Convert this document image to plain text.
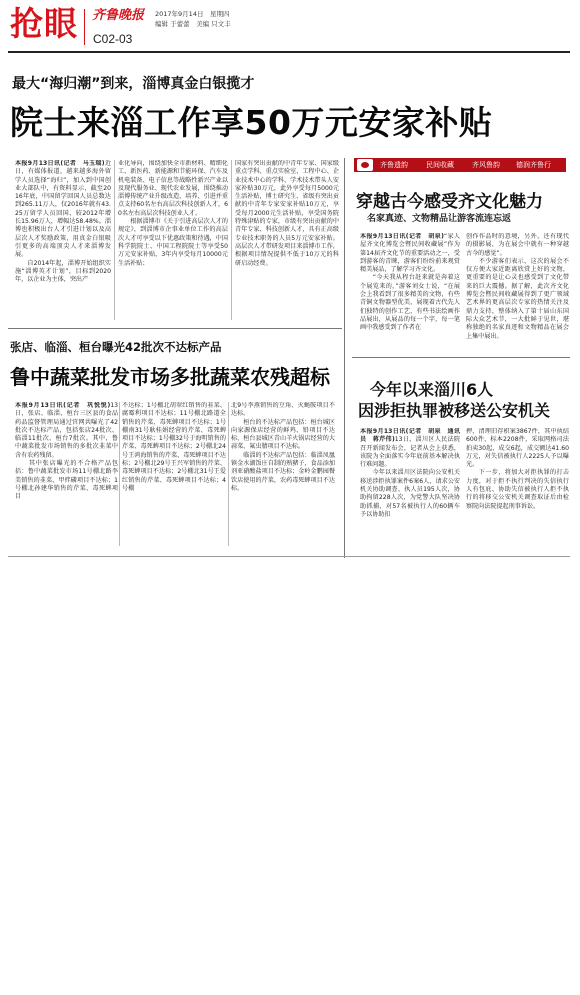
抢眼 齐鲁晚报 2017年9月14日　星期四
编辑 于蕾蕾　美编 只文丰
C02-03
最大“海归潮”到来，淄博真金白银揽才
院士来淄工作享50万元安家补贴
本报9月13日讯(记者　马玉瑞)近日，有媒体报道，越来越多海外留学人员选择“海归”，加入到中国创业大部队中，有资料显示，截至2016年底，中国留学回国人员总数达到265.11万人，仅2016年就有43.25万留学人员回国，较2012年增长15.96万人，增幅达58.48%。淄博也积极出台人才引进计划以及高层次人才奖励政策，用真金白银吸引更多的高端顶尖人才来淄博发展。
　　自2014年起，淄博开始组织实施“淄博英才计划”，目标到2020年，以企业为主体，突出产
业化导向，围绕加快全市新材料、精细化工、新医药、新能源和节能环保、汽车及机电装备、电子信息等战略性新兴产业以及现代服务业、现代农业发展，围绕推动淄博传统产业升级改造，培养、引进并重点支持60名左右高层次科技创新人才，60名左右高层次科技创业人才。
　　根据淄博市《关于引进高层次人才的规定》，到淄博市企事业单位工作的高层次人才可享受以下优惠政策和待遇，中国科学院院士、中国工程院院士等享受50万元安家补贴，3年内享受每月10000元生活补贴；
国家有突出贡献的中青年专家、国家级重点学科、重点实验室、工程中心、企业技术中心的学科、学术技术带头人安家补贴30万元，此外享受每月5000元生活补贴，博士研究生、省级有突出贡献的中青年专家安家补贴10万元，享受每月2000元生活补贴，享受国务院特殊津贴的专家，市级有突出贡献的中青年专家、科技创新人才，具有正高级专业技术职务的人员5万元安家补贴。高层次人才带研发项目来淄博市工作，根据项目情况提供不低于10万元的科研启动经费。
齐鲁遗韵	民间收藏	齐风鲁韵 德润齐鲁行
穿越古今感受齐文化魅力
名家真迹、文物精品让游客流连忘返
本报9月13日讯(记者　胡泉)“家人屋齐文化博览会暨民间收藏展”作为第14届齐文化节的重要活动之一，受到游客的青睐，游客们纷纷前来观赏精美展品，了解学习齐文化。
　　“今天我从程台赶来就是奔着这个展览来的，”游客刘女士说，“在展会上我看到了很多精美的文物，有些青铜文物器型优美，展现着古代先人们独特的创作工艺，有些书法绘画作品展出，从展品的每一个字，每一笔画中我感受到了作者在
创作作品时的意境，另外，还有现代的摄影展，为在展会中就有一种穿越古今的感觉”。
　　不少游客们表示，这次的展会不仅方便大家近距离欣赏上好的文物，更重要的是让心灵也感受到了文化带来的巨大震撼。据了解，此次齐文化博览会暨民间收藏展得到了更广领域艺术界的更高层次专家的热情关注及鼎力支持，整体纳入了第十届山东国际大众艺术节，一大批鲜于见世，堪称独绝的名家真迹和文物精品在展会上集中展出。
张店、临淄、桓台曝光42批次不达标产品
鲁中蔬菜批发市场多批蔬菜农残超标
本报9月13日讯(记者　巩悦悦)13日，张店、临淄、桓台三区县的食品药品监督管理局通过官网共曝光了42批次不达标产品，包括张店24批次、临淄11批次、桓台7批次。其中，鲁中蔬菜批发市场销售的多批次韭菜中含有农药残留。
　　其中张店曝光的不合格产品包括：鲁中蔬菜批发市场11号棚北路李美销售的韭菜、甲拌磷项目不达标；1号棚北孙建华销售的芹菜、毒死蜱项目
不达标；1号棚北胡翠红销售的韭菜、腐霉利项目不达标；11号棚北路道全销售的芹菜、毒死蜱项目不达标；1号棚南31号耿桂娟经营的芹菜、毒死蜱项目不达标；1号棚32号于海明销售的芹菜、毒死蜱项目不达标；2号棚北24号王鸿海销售的芹菜、毒死蜱项目不达标；2号棚北29号王兴军销售的芹菜、毒死蜱项目不达标；2号棚北31号王爱红销售的芹菜、毒死蜱项目不达标；4号棚
北9号李燕销售的豆角、灭蝇胺项目不达标。
　　桓台的不达标产品包括：桓台城区向家源保店经营的鲜鸡、铅项目不达标，桓台县城区青山羊火锅店经营的大蒜菜、氟虫腈项目不达标。
　　临淄的不达标产品包括：临淄凤凰镇金水湖饭庄自制的熟豬子，食品添加剂亚硝酸盐项目不达标；金岭金鹏园餐饮店使用的芹菜，农药毒死蜱项目不达标。
今年以来淄川6人
因涉拒执罪被移送公安机关
本报9月13日讯(记者　胡泉　通讯员　蒋芹伟)13日，淄川区人民法院召开新闻发布会，记者从会上获悉，该院为全面落实今年底前基本解决执行难问题。
　　今年以来淄川区法院向公安机关移送涉拒执罪案件6案6人，请求公安机关协助调查、执人员195人次，协助拘留228人次，为党警大队坚决协助抓捕，对57名被执行人的60辆车予以协助扣
押，清理旧存积案3867件，其中执结600件，标本2208件，采取网格司法拍卖30起，成交6起，成交额达41.60万元，对失信被执行人2225人予以曝光。
　　下一步，将加大对拒执罪的打击力度，对于拒不执行判决的失信执行人有包庇、协助失信被执行人拒不执行的将移交公安机关调查取证后由检察院向法院提起刑事诉讼。
